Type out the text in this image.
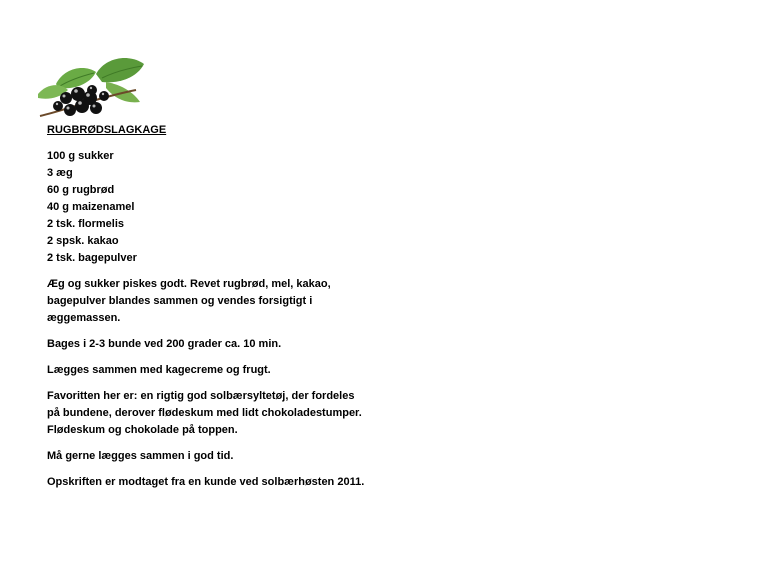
RUGBRØDSLAGKAGE
100 g sukker
3 æg
60 g rugbrød
40 g maizenamel
2 tsk. flormelis
2 spsk. kakao
2 tsk. bagepulver
Æg og sukker piskes godt. Revet rugbrød, mel, kakao,
bagepulver blandes sammen og vendes forsigtigt i
æggemassen.
Bages i 2-3 bunde ved 200 grader ca. 10 min.
Lægges sammen med kagecreme og frugt.
Favoritten her er: en rigtig god solbærsyltetøj, der fordeles
på bundene, derover flødeskum med lidt chokoladestumper.
Flødeskum og chokolade på toppen.
Må gerne lægges sammen i god tid.
Opskriften er modtaget fra en kunde ved solbærhøsten 2011.
